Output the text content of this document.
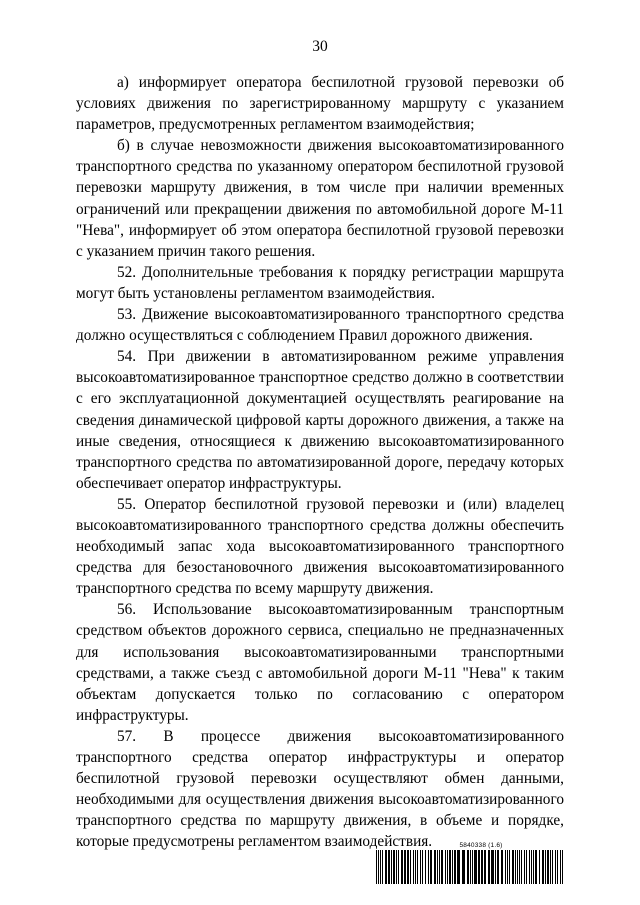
30

а) информирует оператора беспилотной грузовой перевозки об условиях движения по зарегистрированному маршруту с указанием параметров, предусмотренных регламентом взаимодействия;

б) в случае невозможности движения высокоавтоматизированного транспортного средства по указанному оператором беспилотной грузовой перевозки маршруту движения, в том числе при наличии временных ограничений или прекращении движения по автомобильной дороге М-11 "Нева", информирует об этом оператора беспилотной грузовой перевозки с указанием причин такого решения.

52. Дополнительные требования к порядку регистрации маршрута могут быть установлены регламентом взаимодействия.

53. Движение высокоавтоматизированного транспортного средства должно осуществляться с соблюдением Правил дорожного движения.

54. При движении в автоматизированном режиме управления высокоавтоматизированное транспортное средство должно в соответствии с его эксплуатационной документацией осуществлять реагирование на сведения динамической цифровой карты дорожного движения, а также на иные сведения, относящиеся к движению высокоавтоматизированного транспортного средства по автоматизированной дороге, передачу которых обеспечивает оператор инфраструктуры.

55. Оператор беспилотной грузовой перевозки и (или) владелец высокоавтоматизированного транспортного средства должны обеспечить необходимый запас хода высокоавтоматизированного транспортного средства для безостановочного движения высокоавтоматизированного транспортного средства по всему маршруту движения.

56. Использование высокоавтоматизированным транспортным средством объектов дорожного сервиса, специально не предназначенных для использования высокоавтоматизированными транспортными средствами, а также съезд с автомобильной дороги М-11 "Нева" к таким объектам допускается только по согласованию с оператором инфраструктуры.

57. В процессе движения высокоавтоматизированного транспортного средства оператор инфраструктуры и оператор беспилотной грузовой перевозки осуществляют обмен данными, необходимыми для осуществления движения высокоавтоматизированного транспортного средства по маршруту движения, в объеме и порядке, которые предусмотрены регламентом взаимодействия.	5840338 (1.6)
